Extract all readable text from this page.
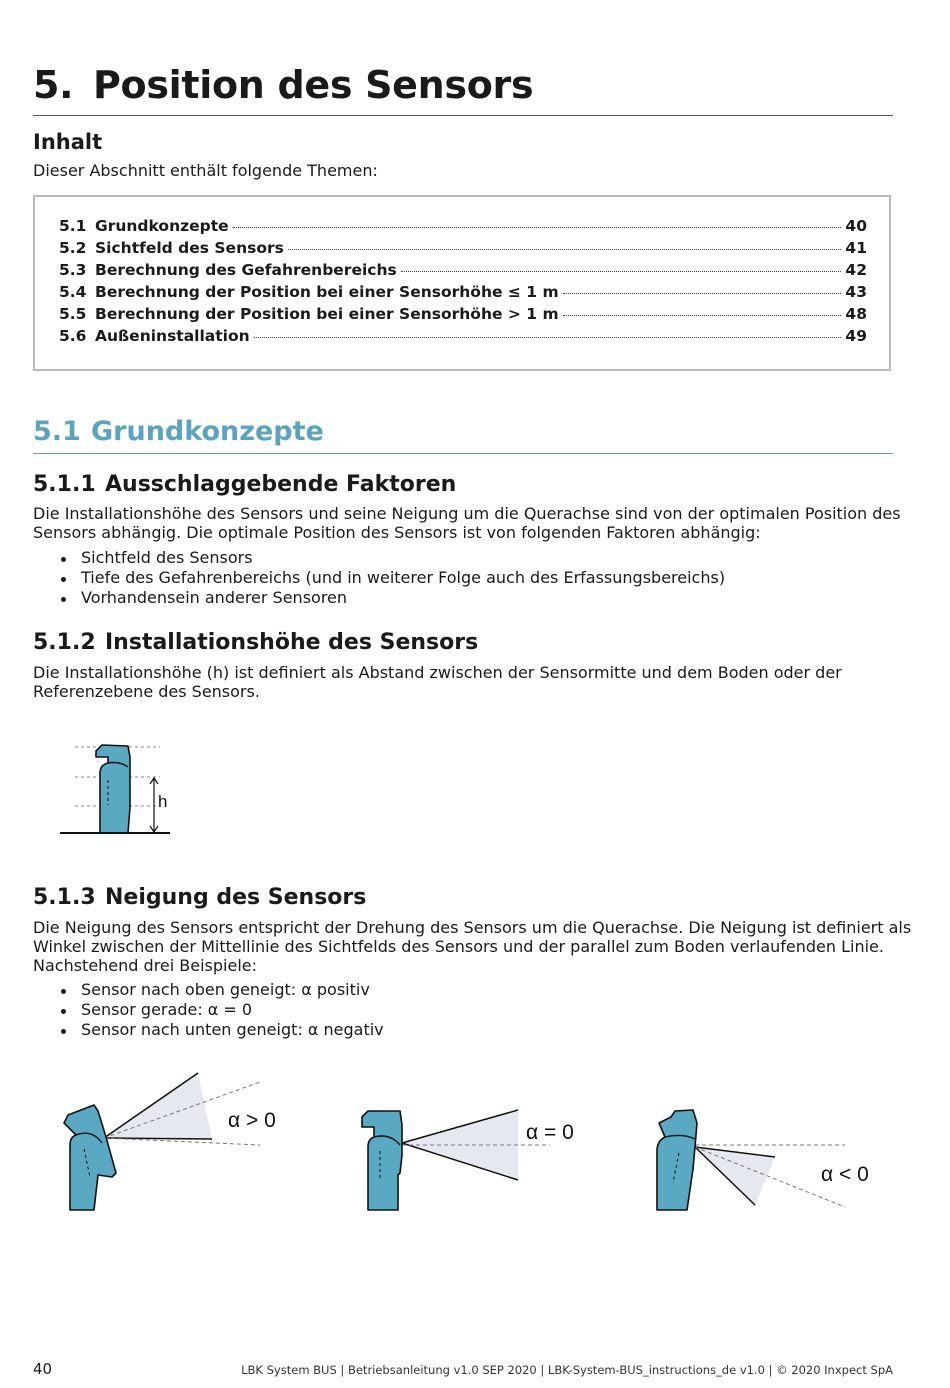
5. Position des Sensors
Inhalt

Dieser Abschnitt enthält folgende Themen:

5.1 Grundkonzepte	40
5.2 Sichtfeld des Sensors	41
5.3 Berechnung des Gefahrenbereichs	42
5.4 Berechnung der Position bei einer Sensorhöhe ≤ 1 m	43
5.5 Berechnung der Position bei einer Sensorhöhe > 1 m	48
5.6 Außeninstallation	49
5.1 Grundkonzepte
5.1.1 Ausschlaggebende Faktoren

Die Installationshöhe des Sensors und seine Neigung um die Querachse sind von der optimalen Position des

Sensors abhängig. Die optimale Position des Sensors ist von folgenden Faktoren abhängig:

Sichtfeld des Sensors
Tiefe des Gefahrenbereichs (und in weiterer Folge auch des Erfassungsbereichs)
Vorhandensein anderer Sensoren
5.1.2 Installationshöhe des Sensors

Die Installationshöhe (h) ist definiert als Abstand zwischen der Sensormitte und dem Boden oder der

Referenzebene des Sensors.

h
5.1.3 Neigung des Sensors

Die Neigung des Sensors entspricht der Drehung des Sensors um die Querachse. Die Neigung ist definiert als

Winkel zwischen der Mittellinie des Sichtfelds des Sensors und der parallel zum Boden verlaufenden Linie.

Nachstehend drei Beispiele:

Sensor nach oben geneigt: α positiv
Sensor gerade: α = 0
Sensor nach unten geneigt: α negativ
α > 0
α = 0
α < 0
40	LBK System BUS | Betriebsanleitung v1.0 SEP 2020 | LBK-System-BUS_instructions_de v1.0 | © 2020 Inxpect SpA
